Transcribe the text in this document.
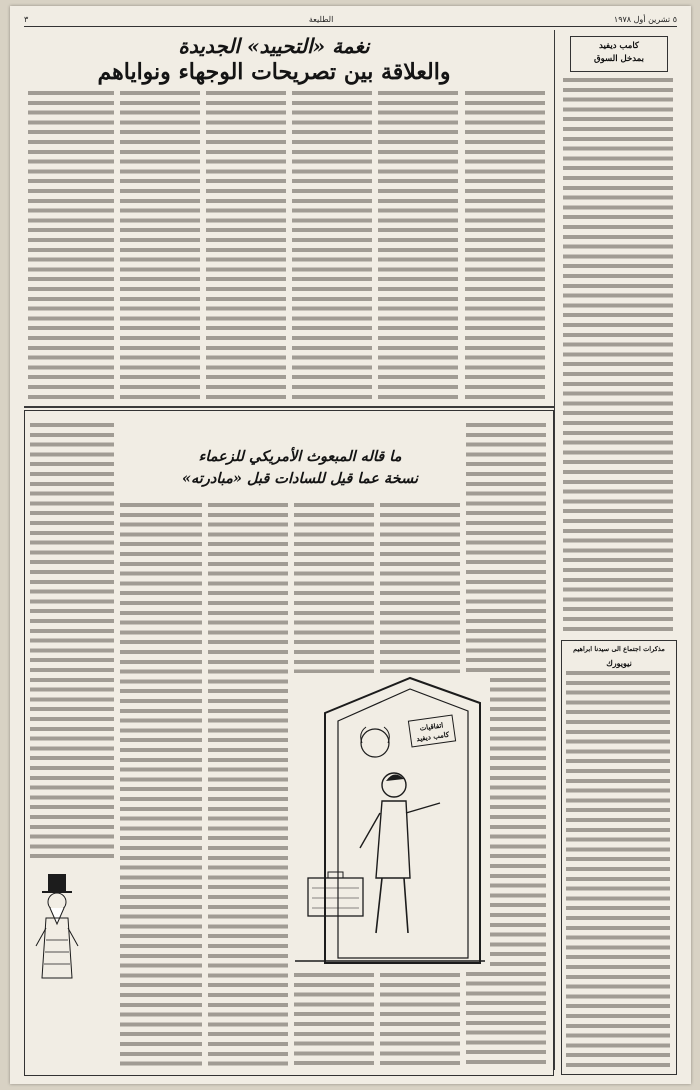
٣	الطليعة	٥ تشرين أول ١٩٧٨
نغمة «التحييد» الجديدة
والعلاقة بين تصريحات الوجهاء ونواياهم
كامب ديفيد
بمدخل السوق
مذكرات اجتماع الى سيدنا ابراهيم
نيويورك
ما قاله المبعوث الأمريكي للزعماء
نسخة عما قيل للسادات قبل «مبادرته»
اتفاقيات
كامب ديفيد
